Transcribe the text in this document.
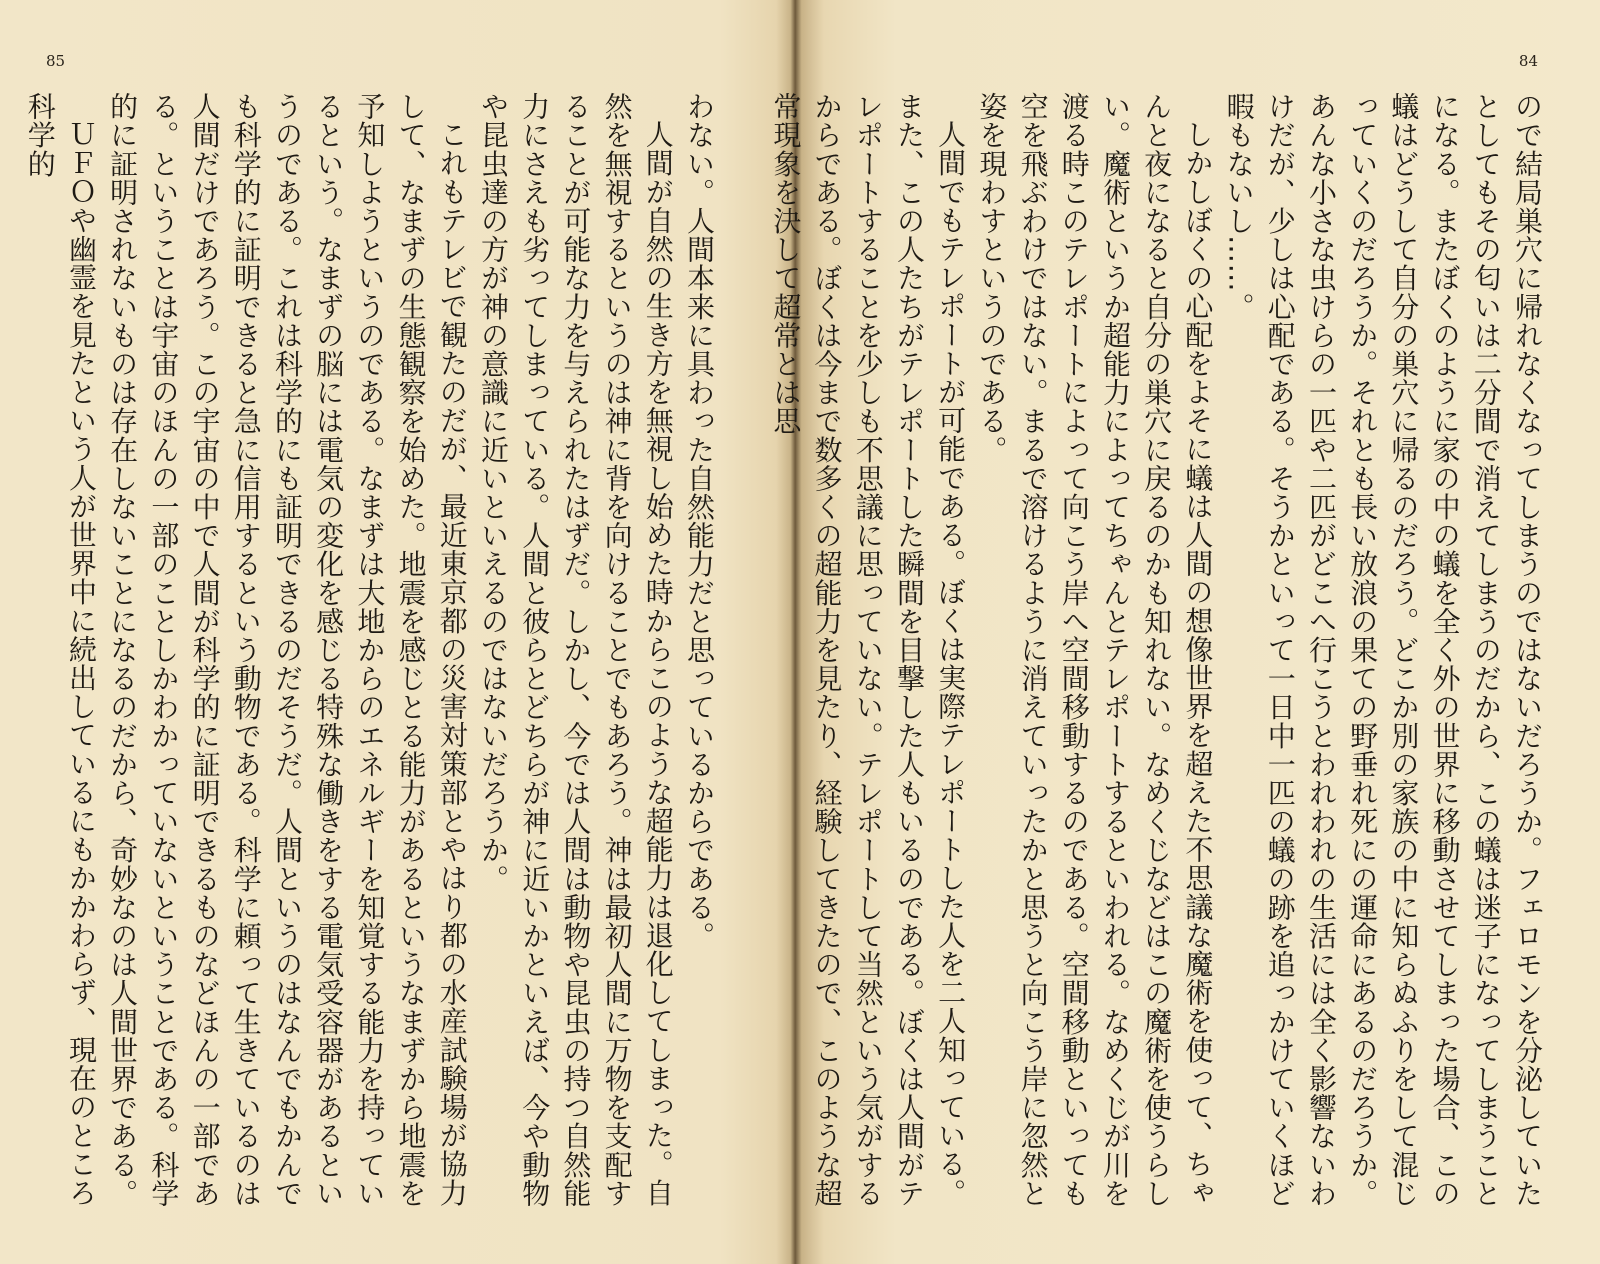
84

ので結局巣穴に帰れなくなってしまうのではないだろうか。フェロモンを分泌していたとしてもその匂いは二分間で消えてしまうのだから、この蟻は迷子になってしまうことになる。またぼくのように家の中の蟻を全く外の世界に移動させてしまった場合、この蟻はどうして自分の巣穴に帰るのだろう。どこか別の家族の中に知らぬふりをして混じっていくのだろうか。それとも長い放浪の果ての野垂れ死にの運命にあるのだろうか。あんな小さな虫けらの一匹や二匹がどこへ行こうとわれわれの生活には全く影響ないわけだが、少しは心配である。そうかといって一日中一匹の蟻の跡を追っかけていくほど暇もないし……。

しかしぼくの心配をよそに蟻は人間の想像世界を超えた不思議な魔術を使って、ちゃんと夜になると自分の巣穴に戻るのかも知れない。なめくじなどはこの魔術を使うらしい。魔術というか超能力によってちゃんとテレポートするといわれる。なめくじが川を渡る時このテレポートによって向こう岸へ空間移動するのである。空間移動といっても空を飛ぶわけではない。まるで溶けるように消えていったかと思うと向こう岸に忽然と姿を現わすというのである。

人間でもテレポートが可能である。ぼくは実際テレポートした人を二人知っている。また、この人たちがテレポートした瞬間を目撃した人もいるのである。ぼくは人間がテレポートすることを少しも不思議に思っていない。テレポートして当然という気がするからである。ぼくは今まで数多くの超能力を見たり、経験してきたので、このような超常現象を決して超常とは思

85

わない。人間本来に具わった自然能力だと思っているからである。

人間が自然の生き方を無視し始めた時からこのような超能力は退化してしまった。自然を無視するというのは神に背を向けることでもあろう。神は最初人間に万物を支配することが可能な力を与えられたはずだ。しかし、今では人間は動物や昆虫の持つ自然能力にさえも劣ってしまっている。人間と彼らとどちらが神に近いかといえば、今や動物や昆虫達の方が神の意識に近いといえるのではないだろうか。

これもテレビで観たのだが、最近東京都の災害対策部とやはり都の水産試験場が協力して、なまずの生態観察を始めた。地震を感じとる能力があるというなまずから地震を予知しようというのである。なまずは大地からのエネルギーを知覚する能力を持っているという。なまずの脳には電気の変化を感じる特殊な働きをする電気受容器があるというのである。これは科学的にも証明できるのだそうだ。人間というのはなんでもかんでも科学的に証明できると急に信用するという動物である。科学に頼って生きているのは人間だけであろう。この宇宙の中で人間が科学的に証明できるものなどほんの一部である。ということは宇宙のほんの一部のことしかわかっていないということである。科学的に証明されないものは存在しないことになるのだから、奇妙なのは人間世界である。

ＵＦＯや幽霊を見たという人が世界中に続出しているにもかかわらず、現在のところ科学的
